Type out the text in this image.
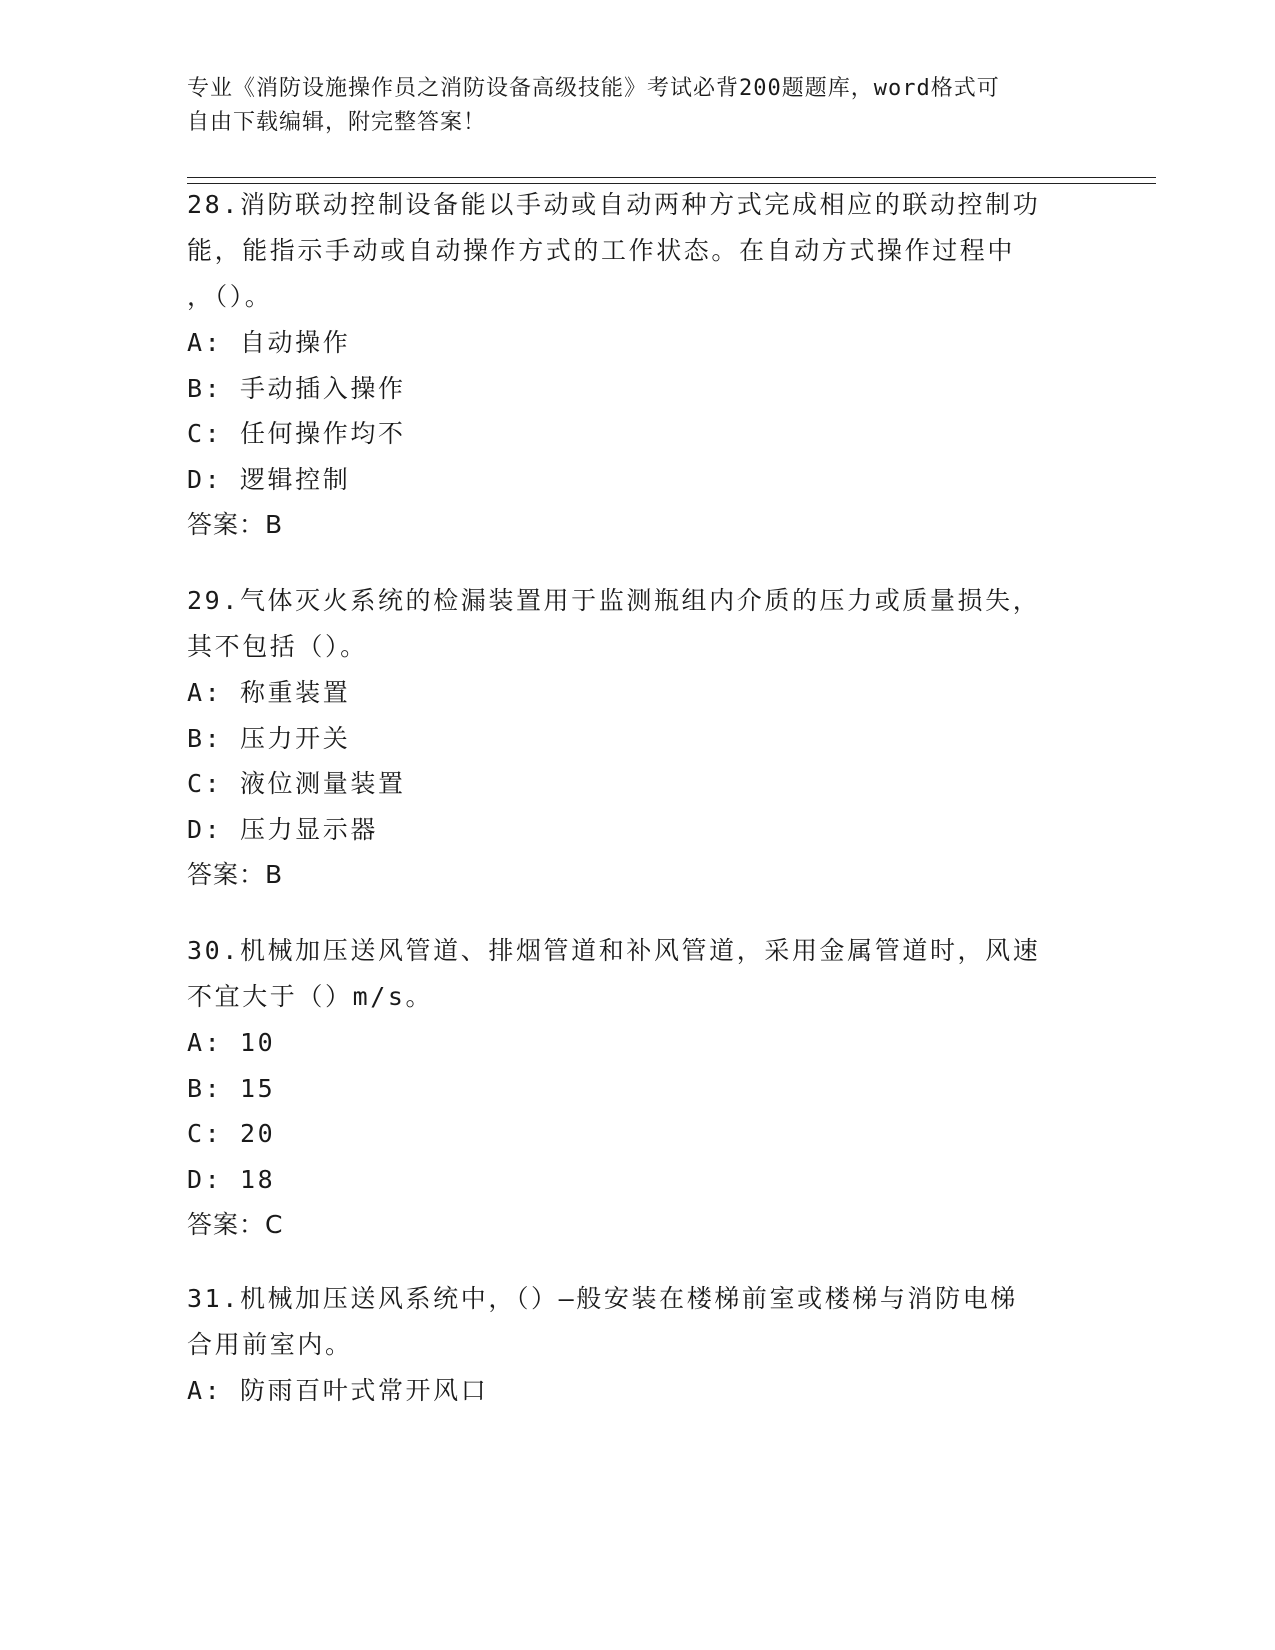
专业《消防设施操作员之消防设备高级技能》考试必背200题题库，word格式可
自由下载编辑，附完整答案！
28.消防联动控制设备能以手动或自动两种方式完成相应的联动控制功
能，能指示手动或自动操作方式的工作状态。在自动方式操作过程中
，（）。
A: 自动操作
B: 手动插入操作
C: 任何操作均不
D: 逻辑控制
答案：B
29.气体灭火系统的检漏装置用于监测瓶组内介质的压力或质量损失，
其不包括（）。
A: 称重装置
B: 压力开关
C: 液位测量装置
D: 压力显示器
答案：B
30.机械加压送风管道、排烟管道和补风管道，采用金属管道时，风速
不宜大于（）m/s。
A: 10
B: 15
C: 20
D: 18
答案：C
31.机械加压送风系统中，（）—般安装在楼梯前室或楼梯与消防电梯
合用前室内。
A: 防雨百叶式常开风口
